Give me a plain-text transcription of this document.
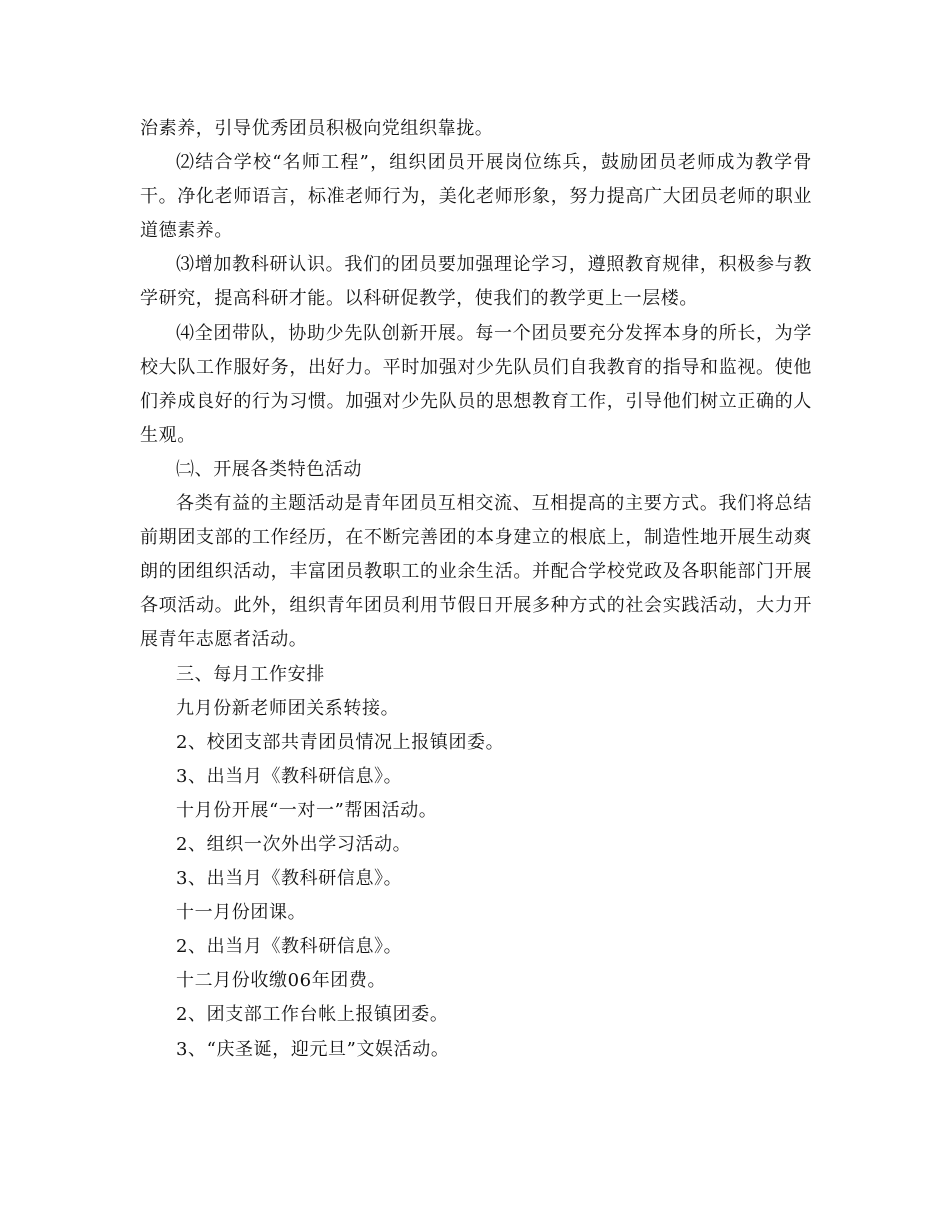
治素养，引导优秀团员积极向党组织靠拢。

⑵结合学校“名师工程”，组织团员开展岗位练兵，鼓励团员老师成为教学骨干。净化老师语言，标准老师行为，美化老师形象，努力提高广大团员老师的职业道德素养。

⑶增加教科研认识。我们的团员要加强理论学习，遵照教育规律，积极参与教学研究，提高科研才能。以科研促教学，使我们的教学更上一层楼。

⑷全团带队，协助少先队创新开展。每一个团员要充分发挥本身的所长，为学校大队工作服好务，出好力。平时加强对少先队员们自我教育的指导和监视。使他们养成良好的行为习惯。加强对少先队员的思想教育工作，引导他们树立正确的人生观。

㈡、开展各类特色活动

各类有益的主题活动是青年团员互相交流、互相提高的主要方式。我们将总结前期团支部的工作经历，在不断完善团的本身建立的根底上，制造性地开展生动爽朗的团组织活动，丰富团员教职工的业余生活。并配合学校党政及各职能部门开展各项活动。此外，组织青年团员利用节假日开展多种方式的社会实践活动，大力开展青年志愿者活动。

三、每月工作安排

九月份新老师团关系转接。

2、校团支部共青团员情况上报镇团委。

3、出当月《教科研信息》。

十月份开展“一对一”帮困活动。

2、组织一次外出学习活动。

3、出当月《教科研信息》。

十一月份团课。

2、出当月《教科研信息》。

十二月份收缴06年团费。

2、团支部工作台帐上报镇团委。

3、“庆圣诞，迎元旦”文娱活动。
